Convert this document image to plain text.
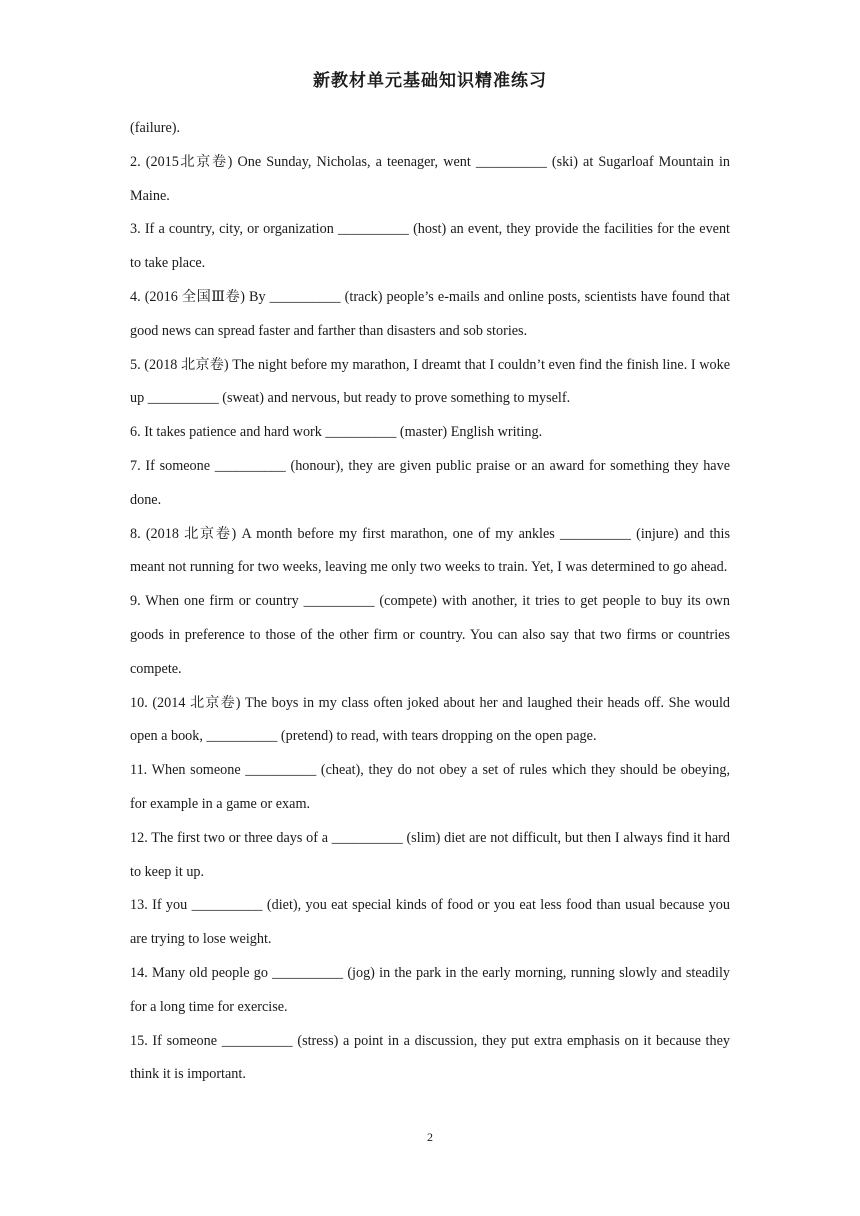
新教材单元基础知识精准练习

(failure).

2. (2015北京卷) One Sunday, Nicholas, a teenager, went __________ (ski) at Sugarloaf Mountain in Maine.

3. If a country, city, or organization __________ (host) an event, they provide the facilities for the event to take place.

4. (2016 全国Ⅲ卷) By __________ (track) people’s e-mails and online posts, scientists have found that good news can spread faster and farther than disasters and sob stories.

5. (2018 北京卷) The night before my marathon, I dreamt that I couldn’t even find the finish line. I woke up __________ (sweat) and nervous, but ready to prove something to myself.

6. It takes patience and hard work __________ (master) English writing.

7. If someone __________ (honour), they are given public praise or an award for something they have done.

8. (2018 北京卷) A month before my first marathon, one of my ankles __________ (injure) and this meant not running for two weeks, leaving me only two weeks to train. Yet, I was determined to go ahead.

9. When one firm or country __________ (compete) with another, it tries to get people to buy its own goods in preference to those of the other firm or country. You can also say that two firms or countries compete.

10. (2014 北京卷) The boys in my class often joked about her and laughed their heads off. She would open a book, __________ (pretend) to read, with tears dropping on the open page.

11. When someone __________ (cheat), they do not obey a set of rules which they should be obeying, for example in a game or exam.

12. The first two or three days of a __________ (slim) diet are not difficult, but then I always find it hard to keep it up.

13. If you __________ (diet), you eat special kinds of food or you eat less food than usual because you are trying to lose weight.

14. Many old people go __________ (jog) in the park in the early morning, running slowly and steadily for a long time for exercise.

15. If someone __________ (stress) a point in a discussion, they put extra emphasis on it because they think it is important.

2
